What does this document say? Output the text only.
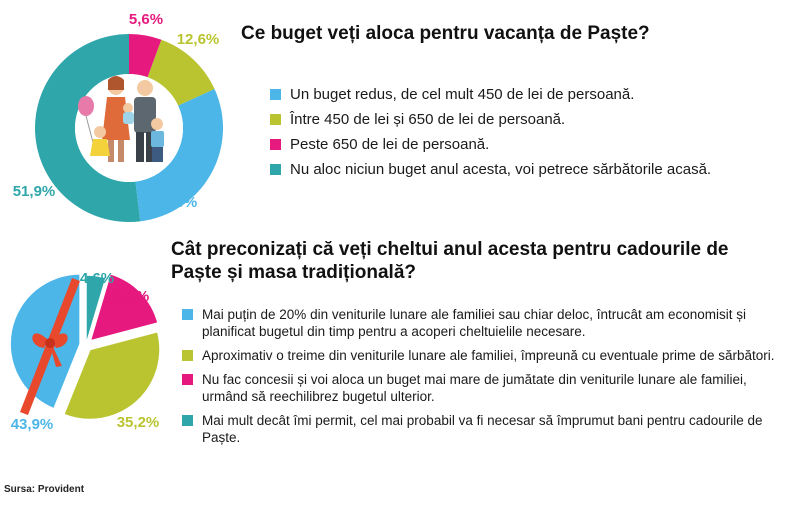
Ce buget veți aloca pentru vacanța de Paște?
Un buget redus, de cel mult 450 de lei de persoană.
Între 450 de lei și 650 de lei de persoană.
Peste 650 de lei de persoană.
Nu aloc niciun buget anul acesta, voi petrece sărbătorile acasă.
Cât preconizați că veți cheltui anul acesta pentru cadourile de Paște și masa tradițională?
Mai puțin de 20% din veniturile lunare ale familiei sau chiar deloc, întrucât am economisit și planificat bugetul din timp pentru a acoperi cheltuielile necesare.
Aproximativ o treime din veniturile lunare ale familiei, împreună cu eventuale prime de sărbători.
Nu fac concesii și voi aloca un buget mai mare de jumătate din veniturile lunare ale familiei, urmând să reechilibrez bugetul ulterior.
Mai mult decât îmi permit, cel mai probabil va fi necesar să împrumut bani pentru cadourile de Paște.
29,9%
12,6%
5,6%
51,9%
43,9%	35,2%
16,3%
4,6%
Sursa: Provident
